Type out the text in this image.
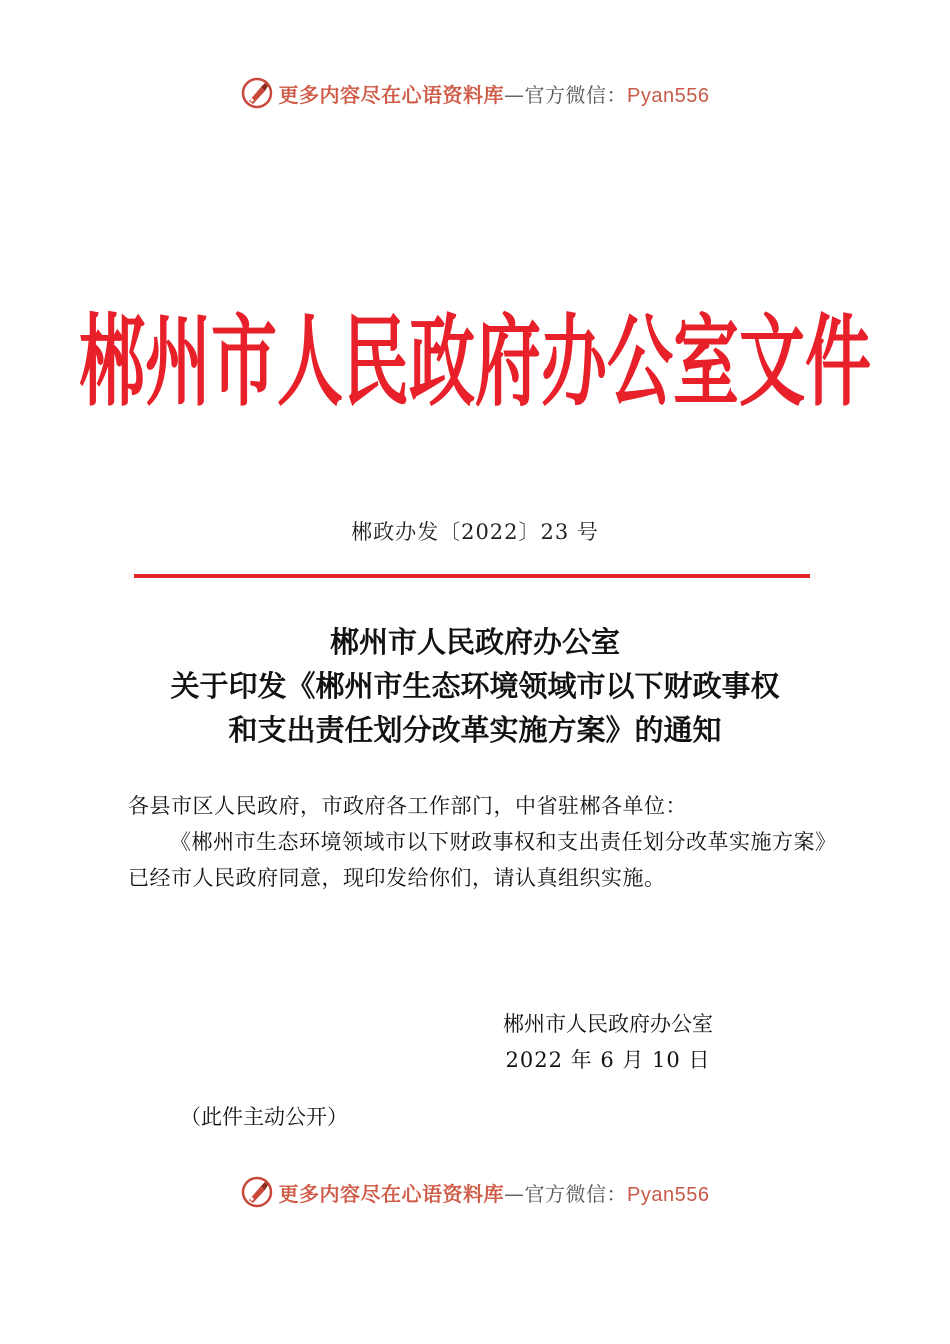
更多内容尽在心语资料库—官方微信：Pyan556
郴州市人民政府办公室文件
郴政办发〔2022〕23 号
郴州市人民政府办公室
关于印发《郴州市生态环境领域市以下财政事权
和支出责任划分改革实施方案》的通知
各县市区人民政府，市政府各工作部门，中省驻郴各单位：
《郴州市生态环境领域市以下财政事权和支出责任划分改革实施方案》已经市人民政府同意，现印发给你们，请认真组织实施。
郴州市人民政府办公室
2022 年 6 月 10 日
（此件主动公开）
更多内容尽在心语资料库—官方微信：Pyan556
